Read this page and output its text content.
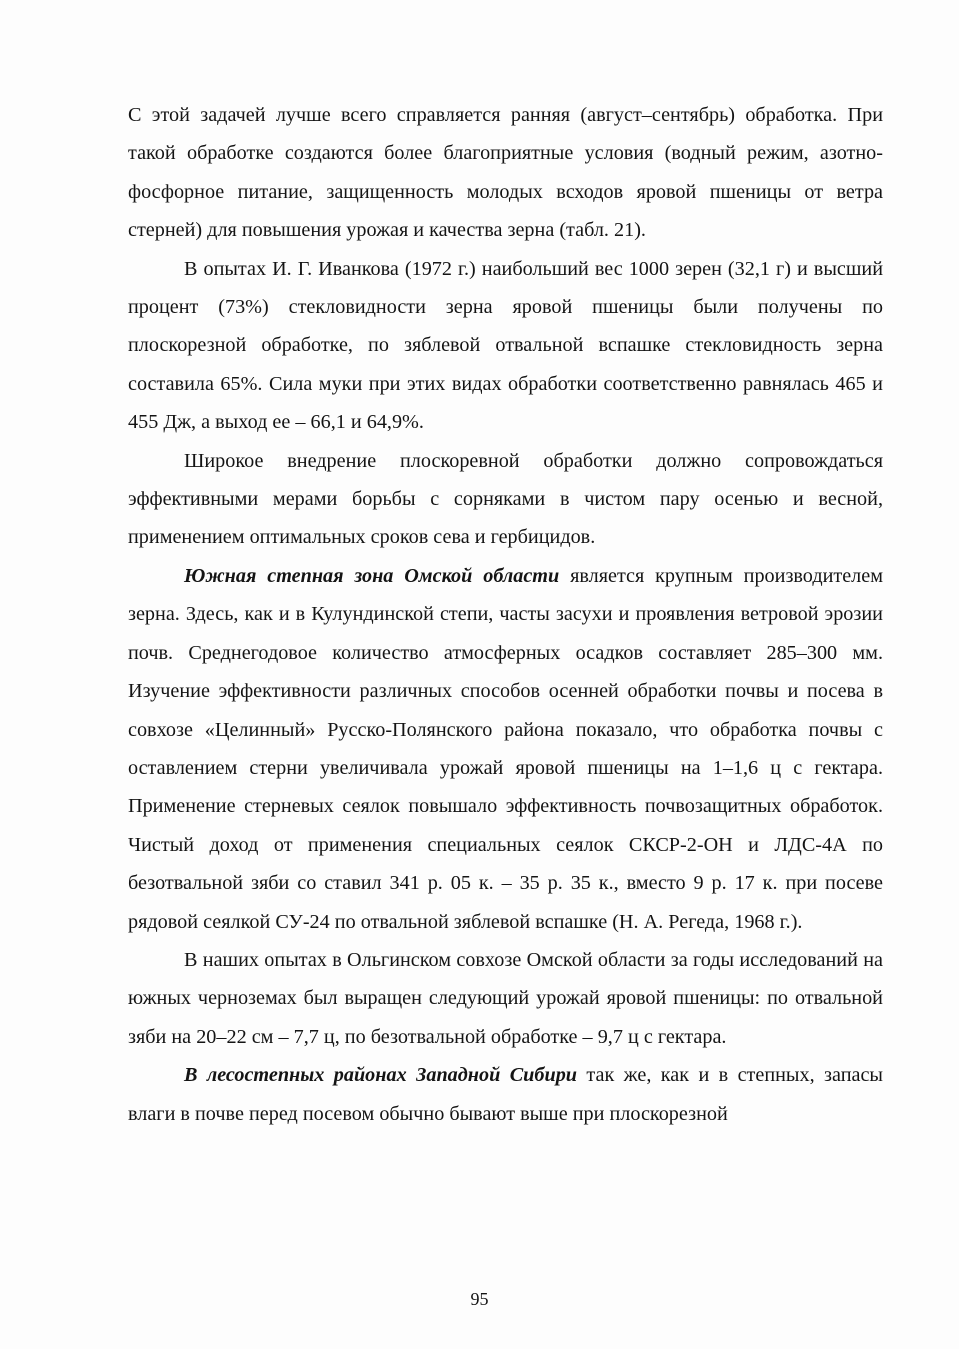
С этой задачей лучше всего справляется ранняя (август–сентябрь) обработка. При такой обработке создаются более благоприятные условия (водный режим, азотно-фосфорное питание, защищенность молодых всходов яровой пшеницы от ветра стерней) для повышения урожая и качества зерна (табл. 21).

В опытах И. Г. Иванкова (1972 г.) наибольший вес 1000 зерен (32,1 г) и высший процент (73%) стекловидности зерна яровой пшеницы были получены по плоскорезной обработке, по зяблевой отвальной вспашке стекловидность зерна составила 65%. Сила муки при этих видах обработки соответственно равнялась 465 и 455 Дж, а выход ее – 66,1 и 64,9%.

Широкое внедрение плоскоревной обработки должно сопровождаться эффективными мерами борьбы с сорняками в чистом пару осенью и весной, применением оптимальных сроков сева и гербицидов.

Южная степная зона Омской области является крупным производителем зерна. Здесь, как и в Кулундинской степи, часты засухи и проявления ветровой эрозии почв. Среднегодовое количество атмосферных осадков составляет 285–300 мм. Изучение эффективности различных способов осенней обработки почвы и посева в совхозе «Целинный» Русско-Полянского района показало, что обработка почвы с оставлением стерни увеличивала урожай яровой пшеницы на 1–1,6 ц с гектара. Применение стерневых сеялок повышало эффективность почвозащитных обработок. Чистый доход от применения специальных сеялок СКСР-2-ОН и ЛДС-4А по безотвальной зяби со ставил 341 р. 05 к. – 35 р. 35 к., вместо 9 р. 17 к. при посеве рядовой сеялкой СУ-24 по отвальной зяблевой вспашке (Н. А. Регеда, 1968 г.).

В наших опытах в Ольгинском совхозе Омской области за годы исследований на южных черноземах был выращен следующий урожай яровой пшеницы: по отвальной зяби на 20–22 см – 7,7 ц, по безотвальной обработке – 9,7 ц с гектара.

В лесостепных районах Западной Сибири так же, как и в степных, запасы влаги в почве перед посевом обычно бывают выше при плоскорезной

95
